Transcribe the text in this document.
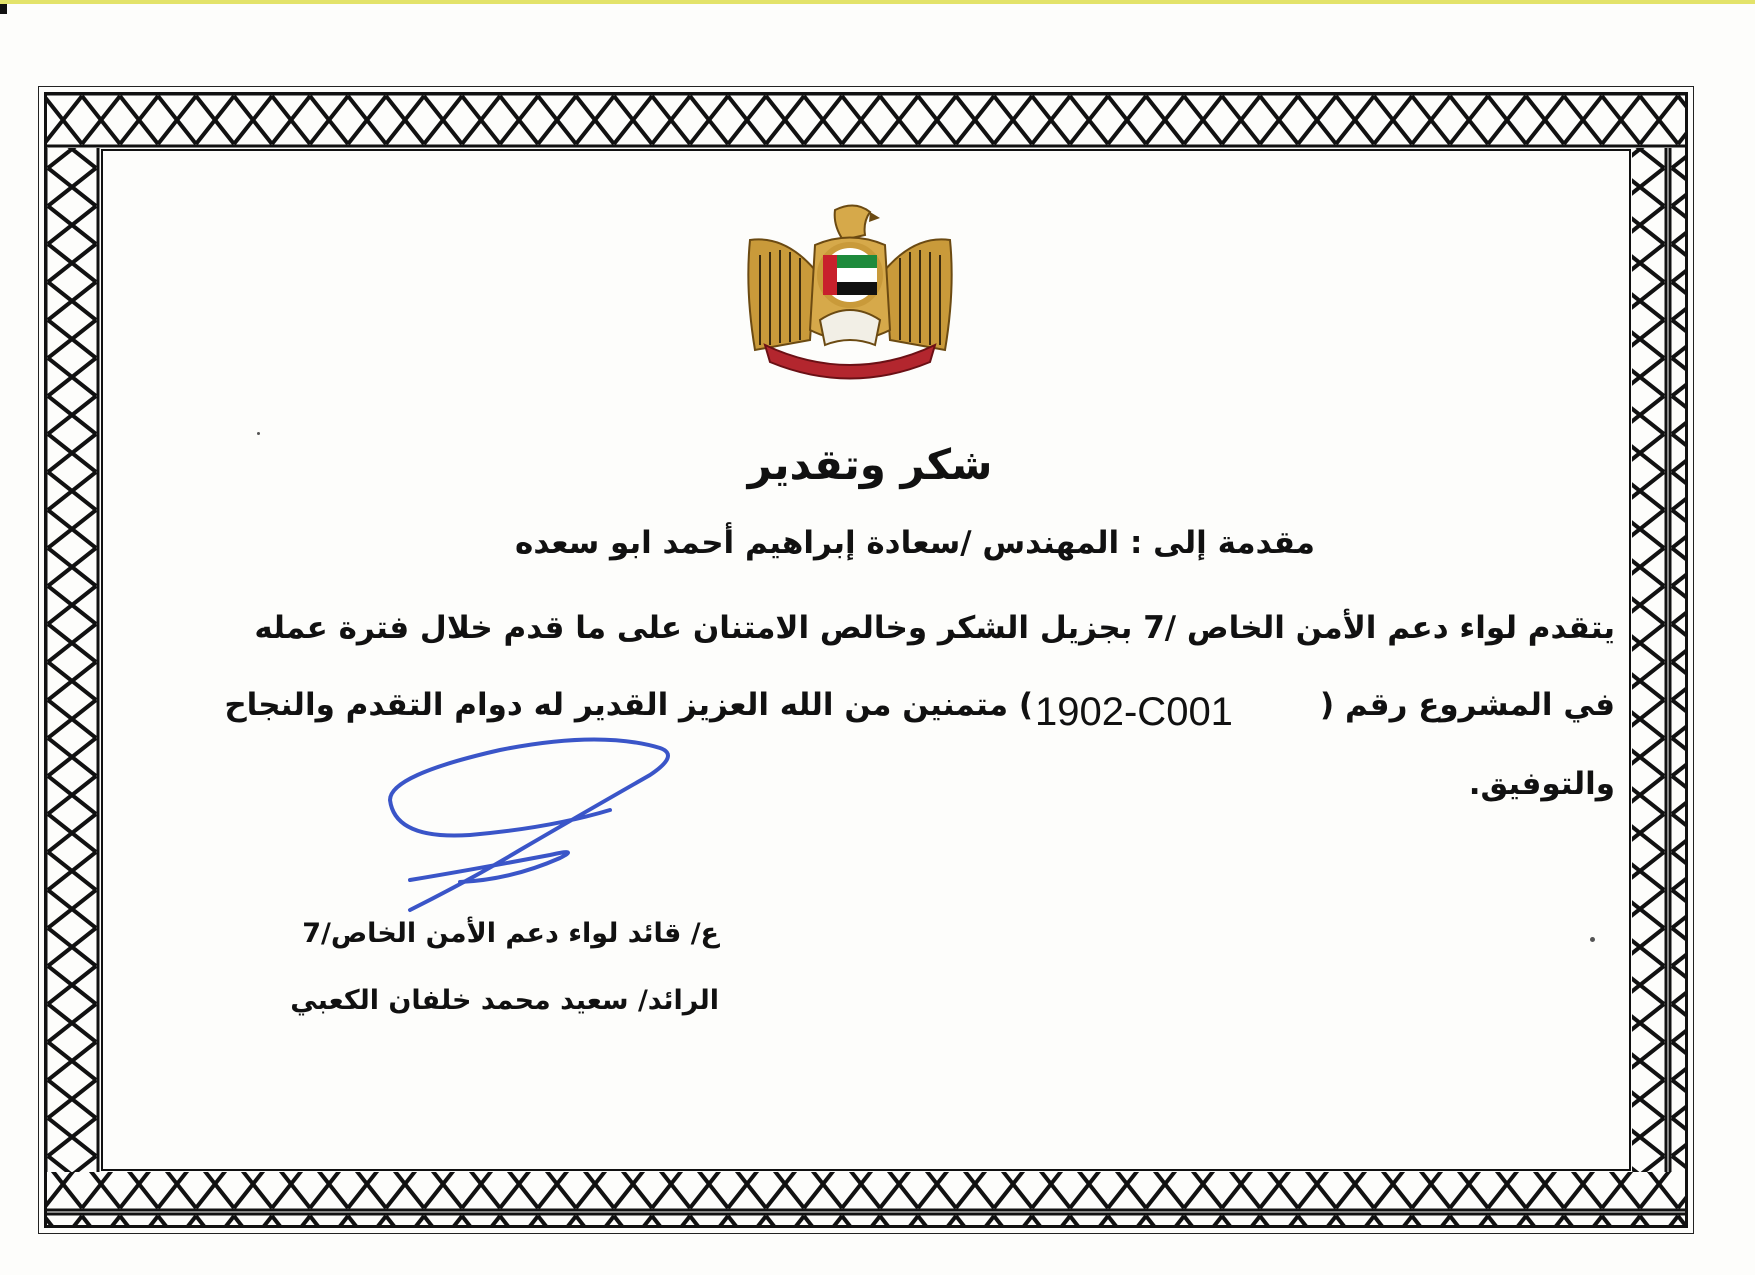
شكر وتقدير
مقدمة إلى : المهندس /سعادة إبراهيم أحمد ابو سعده
يتقدم لواء دعم الأمن الخاص /7 بجزيل الشكر وخالص الامتنان على ما قدم خلال فترة عمله
في المشروع رقم (
1902-C001
) متمنين من الله العزيز القدير له دوام التقدم والنجاح
والتوفيق.
ع/ قائد لواء دعم الأمن الخاص/7
الرائد/ سعيد محمد خلفان الكعبي
